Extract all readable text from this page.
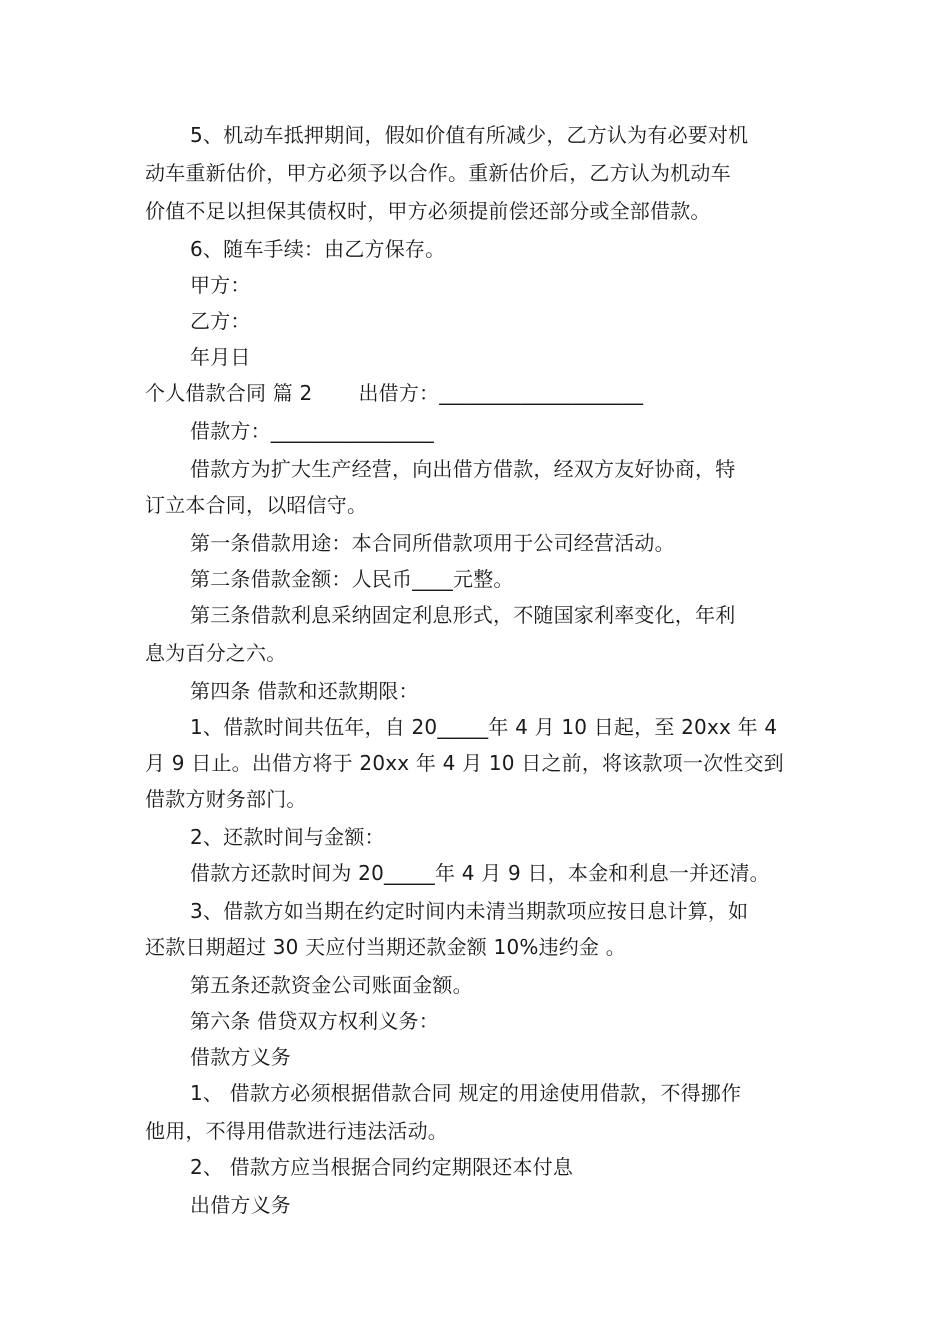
5、机动车抵押期间，假如价值有所减少，乙方认为有必要对机
动车重新估价，甲方必须予以合作。重新估价后，乙方认为机动车
价值不足以担保其债权时，甲方必须提前偿还部分或全部借款。
6、随车手续：由乙方保存。
甲方：
乙方：
年月日
个人借款合同 篇 2 出借方：____________________
借款方：________________
借款方为扩大生产经营，向出借方借款，经双方友好协商，特
订立本合同，以昭信守。
第一条借款用途：本合同所借款项用于公司经营活动。
第二条借款金额：人民币____元整。
第三条借款利息采纳固定利息形式，不随国家利率变化，年利
息为百分之六。
第四条 借款和还款期限：
1、借款时间共伍年，自 20_____年 4 月 10 日起，至 20xx 年 4
月 9 日止。出借方将于 20xx 年 4 月 10 日之前，将该款项一次性交到
借款方财务部门。
2、还款时间与金额：
借款方还款时间为 20_____年 4 月 9 日，本金和利息一并还清。
3、借款方如当期在约定时间内未清当期款项应按日息计算，如
还款日期超过 30 天应付当期还款金额 10%违约金 。
第五条还款资金公司账面金额。
第六条 借贷双方权利义务：
借款方义务
1、 借款方必须根据借款合同 规定的用途使用借款，不得挪作
他用，不得用借款进行违法活动。
2、 借款方应当根据合同约定期限还本付息
出借方义务
